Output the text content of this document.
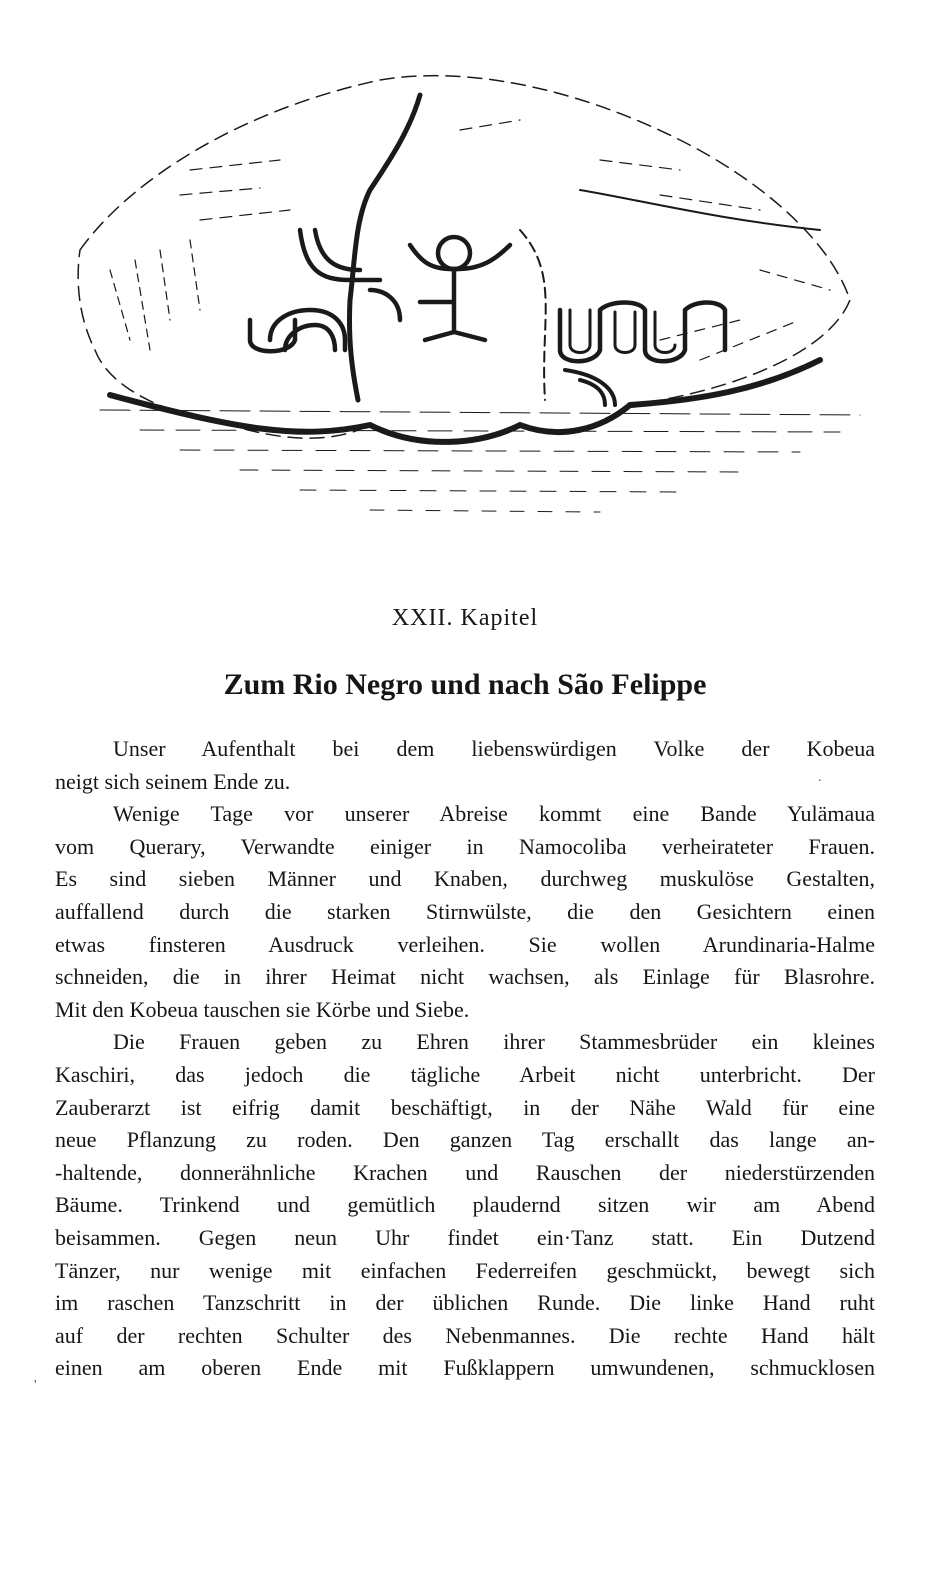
XXII. Kapitel
Zum Rio Negro und nach São Felippe
Unser Aufenthalt bei dem liebenswürdigen Volke der Kobeua
neigt sich seinem Ende zu.
Wenige Tage vor unserer Abreise kommt eine Bande Yulämaua
vom Querary, Verwandte einiger in Namocoliba verheirateter Frauen.
Es sind sieben Männer und Knaben, durchweg muskulöse Gestalten,
auffallend durch die starken Stirnwülste, die den Gesichtern einen
etwas finsteren Ausdruck verleihen. Sie wollen Arundinaria-Halme
schneiden, die in ihrer Heimat nicht wachsen, als Einlage für Blasrohre.
Mit den Kobeua tauschen sie Körbe und Siebe.
Die Frauen geben zu Ehren ihrer Stammesbrüder ein kleines
Kaschiri, das jedoch die tägliche Arbeit nicht unterbricht. Der
Zauberarzt ist eifrig damit beschäftigt, in der Nähe Wald für eine
neue Pflanzung zu roden. Den ganzen Tag erschallt das lange an-
-haltende, donnerähnliche Krachen und Rauschen der niederstürzenden
Bäume. Trinkend und gemütlich plaudernd sitzen wir am Abend
beisammen. Gegen neun Uhr findet ein·Tanz statt. Ein Dutzend
Tänzer, nur wenige mit einfachen Federreifen geschmückt, bewegt sich
im raschen Tanzschritt in der üblichen Runde. Die linke Hand ruht
auf der rechten Schulter des Nebenmannes. Die rechte Hand hält
einen am oberen Ende mit Fußklappern umwundenen, schmucklosen
'
.
